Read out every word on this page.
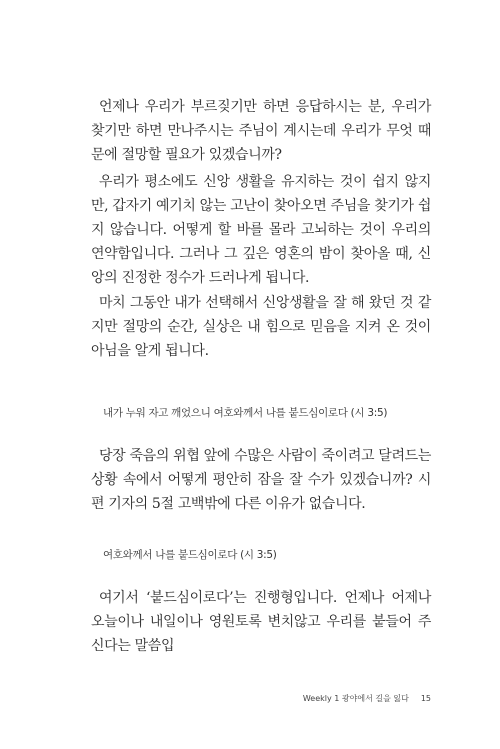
언제나 우리가 부르짖기만 하면 응답하시는 분, 우리가 찾기만 하면 만나주시는 주님이 계시는데 우리가 무엇 때문에 절망할 필요가 있겠습니까?

우리가 평소에도 신앙 생활을 유지하는 것이 쉽지 않지만, 갑자기 예기치 않는 고난이 찾아오면 주님을 찾기가 쉽지 않습니다. 어떻게 할 바를 몰라 고뇌하는 것이 우리의 연약함입니다. 그러나 그 깊은 영혼의 밤이 찾아올 때, 신앙의 진정한 정수가 드러나게 됩니다.

마치 그동안 내가 선택해서 신앙생활을 잘 해 왔던 것 같지만 절망의 순간, 실상은 내 힘으로 믿음을 지켜 온 것이 아님을 알게 됩니다.

내가 누워 자고 깨었으니 여호와께서 나를 붙드심이로다 (시 3:5)

당장 죽음의 위협 앞에 수많은 사람이 죽이려고 달려드는 상황 속에서 어떻게 평안히 잠을 잘 수가 있겠습니까? 시편 기자의 5절 고백밖에 다른 이유가 없습니다.

여호와께서 나를 붙드심이로다 (시 3:5)

여기서 ‘붙드심이로다’는 진행형입니다. 언제나 어제나 오늘이나 내일이나 영원토록 변치않고 우리를 붙들어 주신다는 말씀입

Weekly 1 광야에서 길을 잃다 15
